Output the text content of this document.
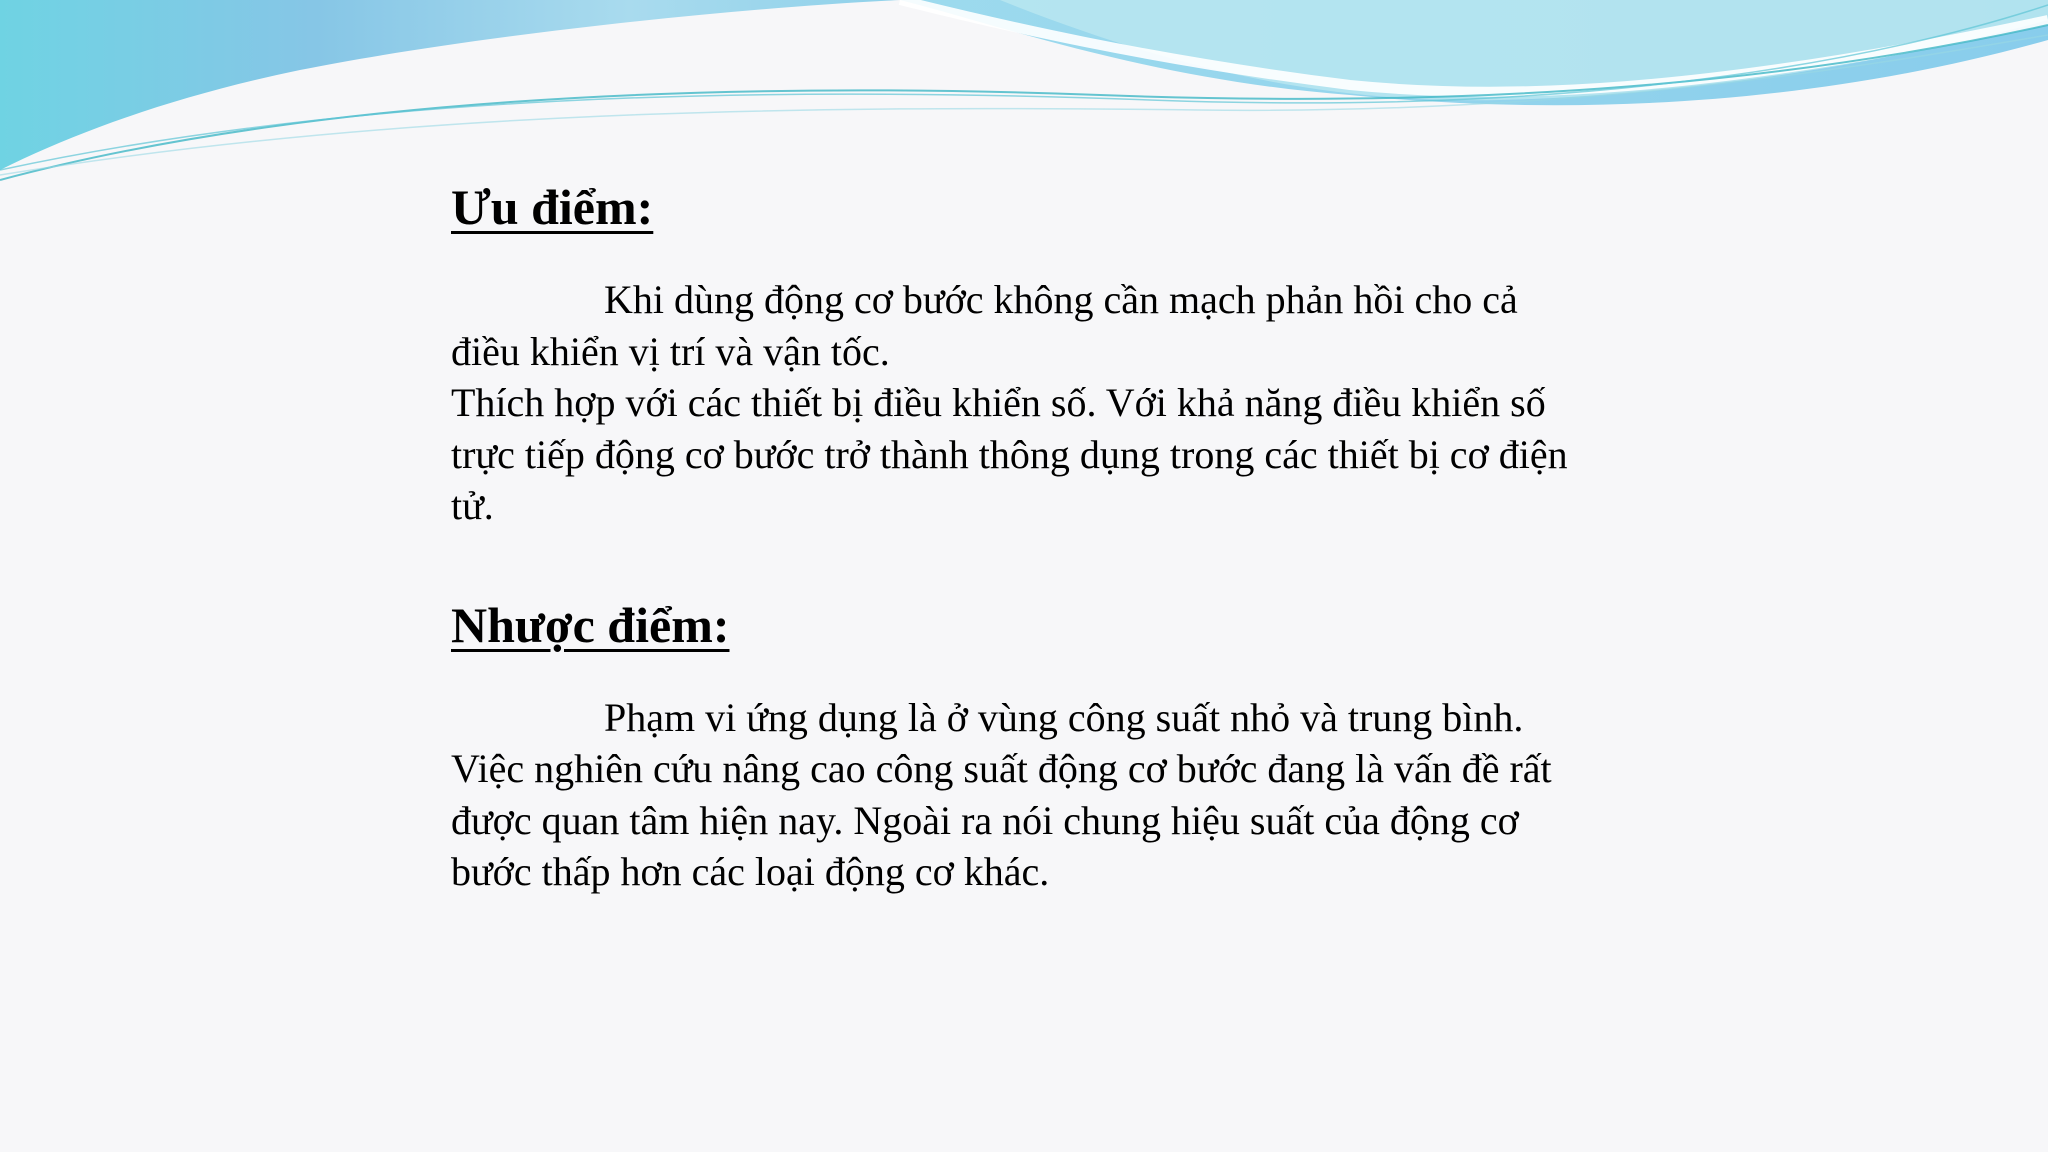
Ưu điểm:

Khi dùng động cơ bước không cần mạch phản hồi cho cả điều khiển vị trí và vận tốc.

Thích hợp với các thiết bị điều khiển số. Với khả năng điều khiển số trực tiếp động cơ bước trở thành thông dụng trong các thiết bị cơ điện tử.

Nhược điểm:

Phạm vi ứng dụng là ở vùng công suất nhỏ và trung bình. Việc nghiên cứu nâng cao công suất động cơ bước đang là vấn đề rất được quan tâm hiện nay. Ngoài ra nói chung hiệu suất của động cơ bước thấp hơn các loại động cơ khác.
